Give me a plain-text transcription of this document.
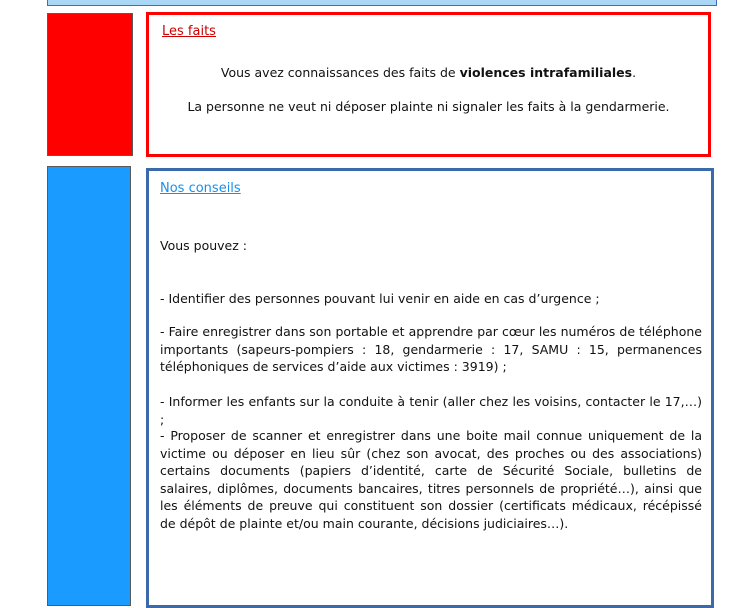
Les faits
Vous avez connaissances des faits de violences intrafamiliales.
La personne ne veut ni déposer plainte ni signaler les faits à la gendarmerie.
Nos conseils
Vous pouvez :
- Identifier des personnes pouvant lui venir en aide en cas d’urgence ;
- Faire enregistrer dans son portable et apprendre par cœur les numéros de téléphone importants (sapeurs-pompiers : 18, gendarmerie : 17, SAMU : 15, permanences téléphoniques de services d’aide aux victimes : 3919) ;
- Informer les enfants sur la conduite à tenir (aller chez les voisins, contacter le 17,…) ;
- Proposer de scanner et enregistrer dans une boite mail connue uniquement de la victime ou déposer en lieu sûr (chez son avocat, des proches ou des associations) certains documents (papiers d’identité, carte de Sécurité Sociale, bulletins de salaires, diplômes, documents bancaires, titres personnels de propriété…), ainsi que les éléments de preuve qui constituent son dossier (certificats médicaux, récépissé de dépôt de plainte et/ou main courante, décisions judiciaires…).
